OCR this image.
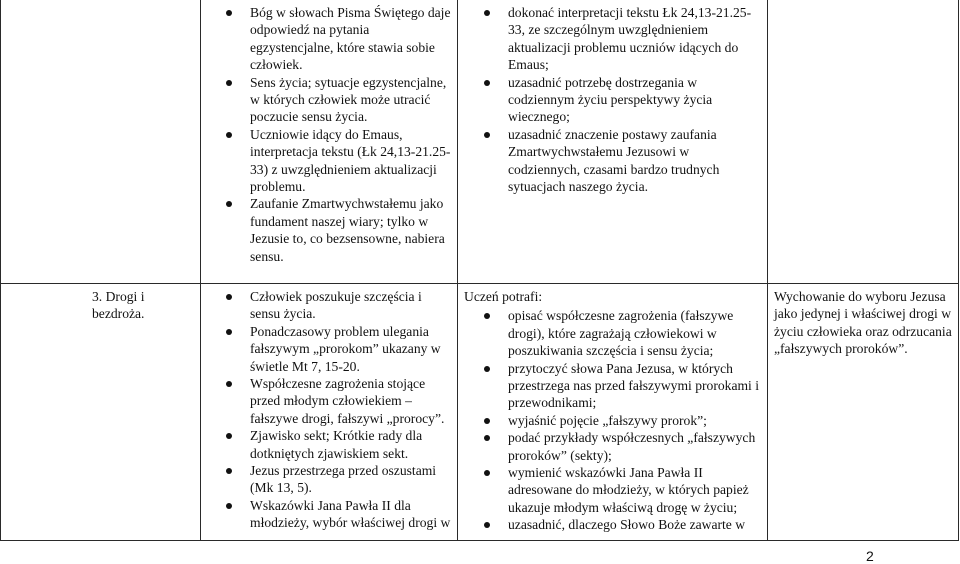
Bóg w słowach Pisma Świętego daje odpowiedź na pytania egzystencjalne, które stawia sobie człowiek.
Sens życia; sytuacje egzystencjalne, w których człowiek może utracić poczucie sensu życia.
Uczniowie idący do Emaus, interpretacja tekstu (Łk 24,13-21.25-33) z uwzględnieniem aktualizacji problemu.
Zaufanie Zmartwychwstałemu jako fundament naszej wiary; tylko w Jezusie to, co bezsensowne, nabiera sensu.
dokonać interpretacji tekstu Łk 24,13-21.25-33, ze szczególnym uwzględnieniem aktualizacji problemu uczniów idących do Emaus;
uzasadnić potrzebę dostrzegania w codziennym życiu perspektywy życia wiecznego;
uzasadnić znaczenie postawy zaufania Zmartwychwstałemu Jezusowi w codziennych, czasami bardzo trudnych sytuacjach naszego życia.
3. Drogi i bezdroża.
Człowiek poszukuje szczęścia i sensu życia.
Ponadczasowy problem ulegania fałszywym „prorokom” ukazany w świetle Mt 7, 15-20.
Współczesne zagrożenia stojące przed młodym człowiekiem – fałszywe drogi, fałszywi „prorocy”.
Zjawisko sekt; Krótkie rady dla dotkniętych zjawiskiem sekt.
Jezus przestrzega przed oszustami (Mk 13, 5).
Wskazówki Jana Pawła II dla młodzieży, wybór właściwej drogi w
Uczeń potrafi:
opisać współczesne zagrożenia (fałszywe drogi), które zagrażają człowiekowi w poszukiwania szczęścia i sensu życia;
przytoczyć słowa Pana Jezusa, w których przestrzega nas przed fałszywymi prorokami i przewodnikami;
wyjaśnić pojęcie „fałszywy prorok”;
podać przykłady współczesnych „fałszywych proroków” (sekty);
wymienić wskazówki Jana Pawła II adresowane do młodzieży, w których papież ukazuje młodym właściwą drogę w życiu;
uzasadnić, dlaczego Słowo Boże zawarte w
Wychowanie do wyboru Jezusa jako jedynej i właściwej drogi w życiu człowieka oraz odrzucania „fałszywych proroków”.
2
